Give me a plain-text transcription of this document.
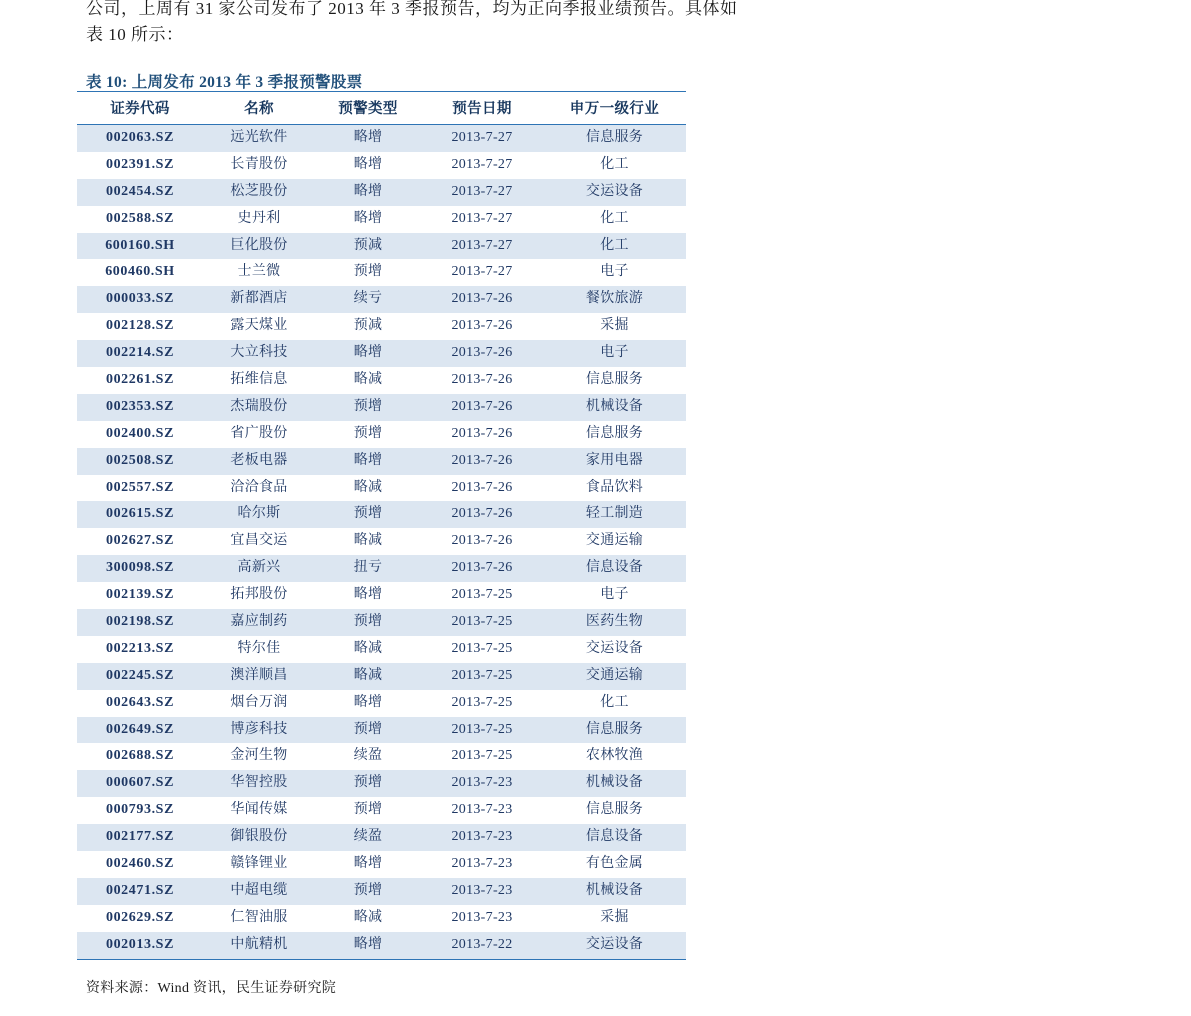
公司，上周有 31 家公司发布了 2013 年 3 季报预告，均为正向季报业绩预告。具体如
表 10 所示：
表 10: 上周发布 2013 年 3 季报预警股票
证券代码	名称	预警类型	预告日期	申万一级行业
002063.SZ	远光软件	略增	2013-7-27	信息服务
002391.SZ	长青股份	略增	2013-7-27	化工
002454.SZ	松芝股份	略增	2013-7-27	交运设备
002588.SZ	史丹利	略增	2013-7-27	化工
600160.SH	巨化股份	预减	2013-7-27	化工
600460.SH	士兰微	预增	2013-7-27	电子
000033.SZ	新都酒店	续亏	2013-7-26	餐饮旅游
002128.SZ	露天煤业	预减	2013-7-26	采掘
002214.SZ	大立科技	略增	2013-7-26	电子
002261.SZ	拓维信息	略减	2013-7-26	信息服务
002353.SZ	杰瑞股份	预增	2013-7-26	机械设备
002400.SZ	省广股份	预增	2013-7-26	信息服务
002508.SZ	老板电器	略增	2013-7-26	家用电器
002557.SZ	洽洽食品	略减	2013-7-26	食品饮料
002615.SZ	哈尔斯	预增	2013-7-26	轻工制造
002627.SZ	宜昌交运	略减	2013-7-26	交通运输
300098.SZ	高新兴	扭亏	2013-7-26	信息设备
002139.SZ	拓邦股份	略增	2013-7-25	电子
002198.SZ	嘉应制药	预增	2013-7-25	医药生物
002213.SZ	特尔佳	略减	2013-7-25	交运设备
002245.SZ	澳洋顺昌	略减	2013-7-25	交通运输
002643.SZ	烟台万润	略增	2013-7-25	化工
002649.SZ	博彦科技	预增	2013-7-25	信息服务
002688.SZ	金河生物	续盈	2013-7-25	农林牧渔
000607.SZ	华智控股	预增	2013-7-23	机械设备
000793.SZ	华闻传媒	预增	2013-7-23	信息服务
002177.SZ	御银股份	续盈	2013-7-23	信息设备
002460.SZ	赣锋锂业	略增	2013-7-23	有色金属
002471.SZ	中超电缆	预增	2013-7-23	机械设备
002629.SZ	仁智油服	略减	2013-7-23	采掘
002013.SZ	中航精机	略增	2013-7-22	交运设备
资料来源：Wind 资讯，民生证券研究院
